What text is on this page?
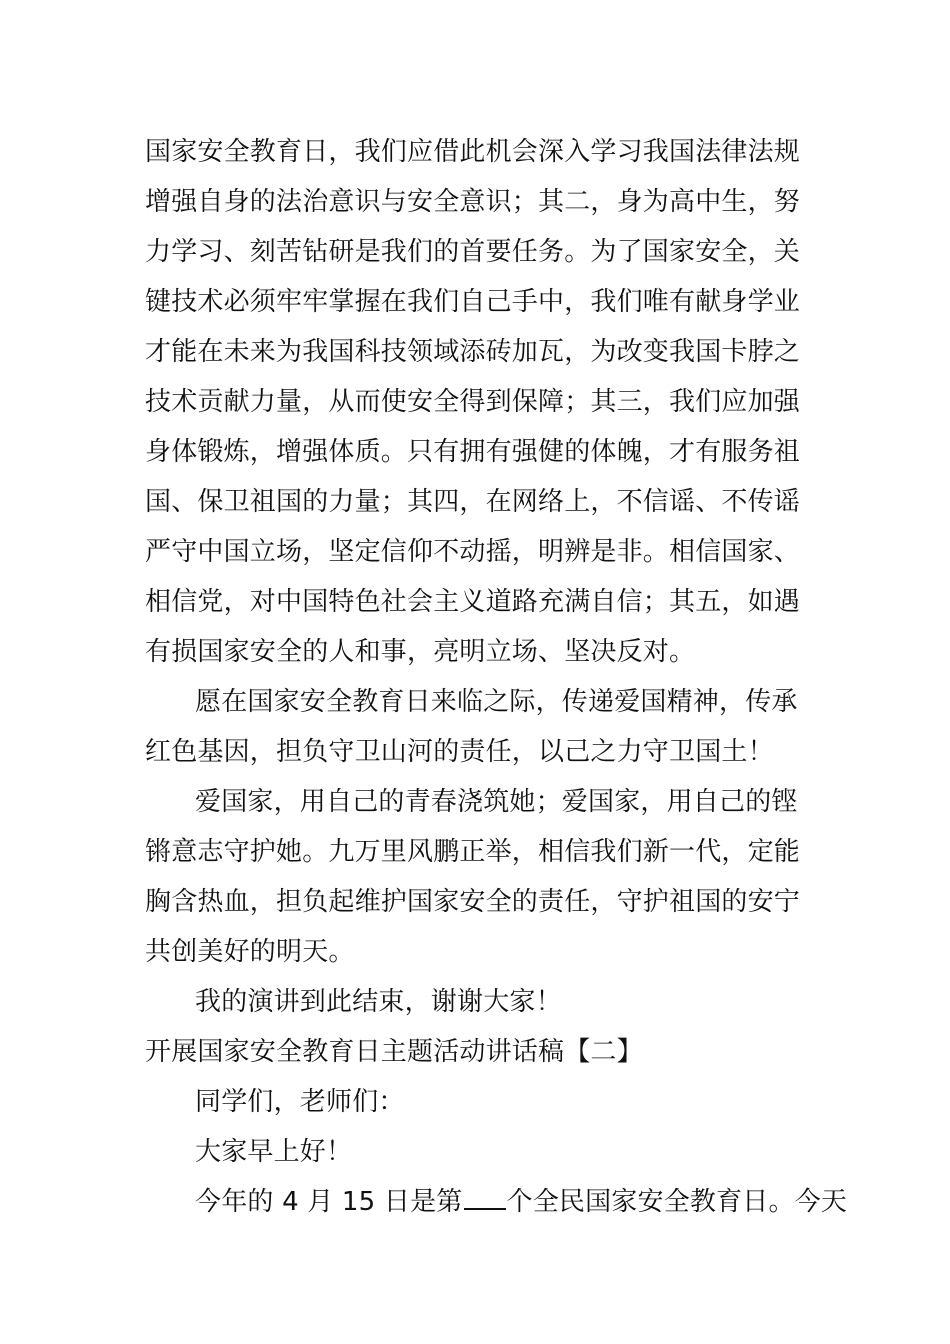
国家安全教育日，我们应借此机会深入学习我国法律法规
增强自身的法治意识与安全意识；其二，身为高中生，努
力学习、刻苦钻研是我们的首要任务。为了国家安全，关
键技术必须牢牢掌握在我们自己手中，我们唯有献身学业
才能在未来为我国科技领域添砖加瓦，为改变我国卡脖之
技术贡献力量，从而使安全得到保障；其三，我们应加强
身体锻炼，增强体质。只有拥有强健的体魄，才有服务祖
国、保卫祖国的力量；其四，在网络上，不信谣、不传谣
严守中国立场，坚定信仰不动摇，明辨是非。相信国家、
相信党，对中国特色社会主义道路充满自信；其五，如遇
有损国家安全的人和事，亮明立场、坚决反对。
愿在国家安全教育日来临之际，传递爱国精神，传承
红色基因，担负守卫山河的责任，以己之力守卫国土！
爱国家，用自己的青春浇筑她；爱国家，用自己的铿
锵意志守护她。九万里风鹏正举，相信我们新一代，定能
胸含热血，担负起维护国家安全的责任，守护祖国的安宁
共创美好的明天。
我的演讲到此结束，谢谢大家！
开展国家安全教育日主题活动讲话稿【二】
同学们，老师们：
大家早上好！
今年的 4 月 15 日是第 个全民国家安全教育日。今天
